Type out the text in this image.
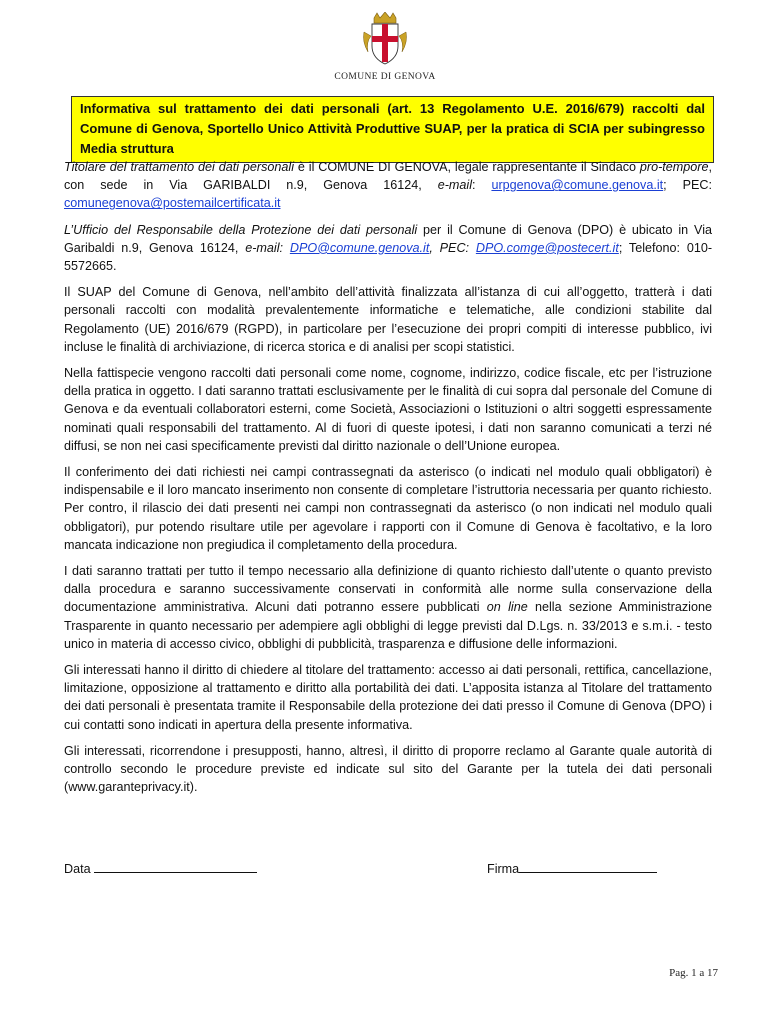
COMUNE DI GENOVA
Informativa sul trattamento dei dati personali (art. 13 Regolamento U.E. 2016/679) raccolti dal Comune di Genova, Sportello Unico Attività Produttive SUAP, per la pratica di SCIA per subingresso Media struttura

Titolare del trattamento dei dati personali è il COMUNE DI GENOVA, legale rappresentante il Sindaco pro-tempore, con sede in Via GARIBALDI n.9, Genova 16124, e-mail: urpgenova@comune.genova.it; PEC: comunegenova@postemailcertificata.it

L’Ufficio del Responsabile della Protezione dei dati personali per il Comune di Genova (DPO) è ubicato in Via Garibaldi n.9, Genova 16124, e-mail: DPO@comune.genova.it, PEC: DPO.comge@postecert.it; Telefono: 010-5572665.

Il SUAP del Comune di Genova, nell’ambito dell’attività finalizzata all’istanza di cui all’oggetto, tratterà i dati personali raccolti con modalità prevalentemente informatiche e telematiche, alle condizioni stabilite dal Regolamento (UE) 2016/679 (RGPD), in particolare per l’esecuzione dei propri compiti di interesse pubblico, ivi incluse le finalità di archiviazione, di ricerca storica e di analisi per scopi statistici.

Nella fattispecie vengono raccolti dati personali come nome, cognome, indirizzo, codice fiscale, etc per l’istruzione della pratica in oggetto. I dati saranno trattati esclusivamente per le finalità di cui sopra dal personale del Comune di Genova e da eventuali collaboratori esterni, come Società, Associazioni o Istituzioni o altri soggetti espressamente nominati quali responsabili del trattamento. Al di fuori di queste ipotesi, i dati non saranno comunicati a terzi né diffusi, se non nei casi specificamente previsti dal diritto nazionale o dell’Unione europea.

Il conferimento dei dati richiesti nei campi contrassegnati da asterisco (o indicati nel modulo quali obbligatori) è indispensabile e il loro mancato inserimento non consente di completare l’istruttoria necessaria per quanto richiesto. Per contro, il rilascio dei dati presenti nei campi non contrassegnati da asterisco (o non indicati nel modulo quali obbligatori), pur potendo risultare utile per agevolare i rapporti con il Comune di Genova è facoltativo, e la loro mancata indicazione non pregiudica il completamento della procedura.

I dati saranno trattati per tutto il tempo necessario alla definizione di quanto richiesto dall’utente o quanto previsto dalla procedura e saranno successivamente conservati in conformità alle norme sulla conservazione della documentazione amministrativa. Alcuni dati potranno essere pubblicati on line nella sezione Amministrazione Trasparente in quanto necessario per adempiere agli obblighi di legge previsti dal D.Lgs. n. 33/2013 e s.m.i. - testo unico in materia di accesso civico, obblighi di pubblicità, trasparenza e diffusione delle informazioni.

Gli interessati hanno il diritto di chiedere al titolare del trattamento: accesso ai dati personali, rettifica, cancellazione, limitazione, opposizione al trattamento e diritto alla portabilità dei dati. L’apposita istanza al Titolare del trattamento dei dati personali è presentata tramite il Responsabile della protezione dei dati presso il Comune di Genova (DPO) i cui contatti sono indicati in apertura della presente informativa.

Gli interessati, ricorrendone i presupposti, hanno, altresì, il diritto di proporre reclamo al Garante quale autorità di controllo secondo le procedure previste ed indicate sul sito del Garante per la tutela dei dati personali (www.garanteprivacy.it).

Data	Firma
Pag. 1 a 17
